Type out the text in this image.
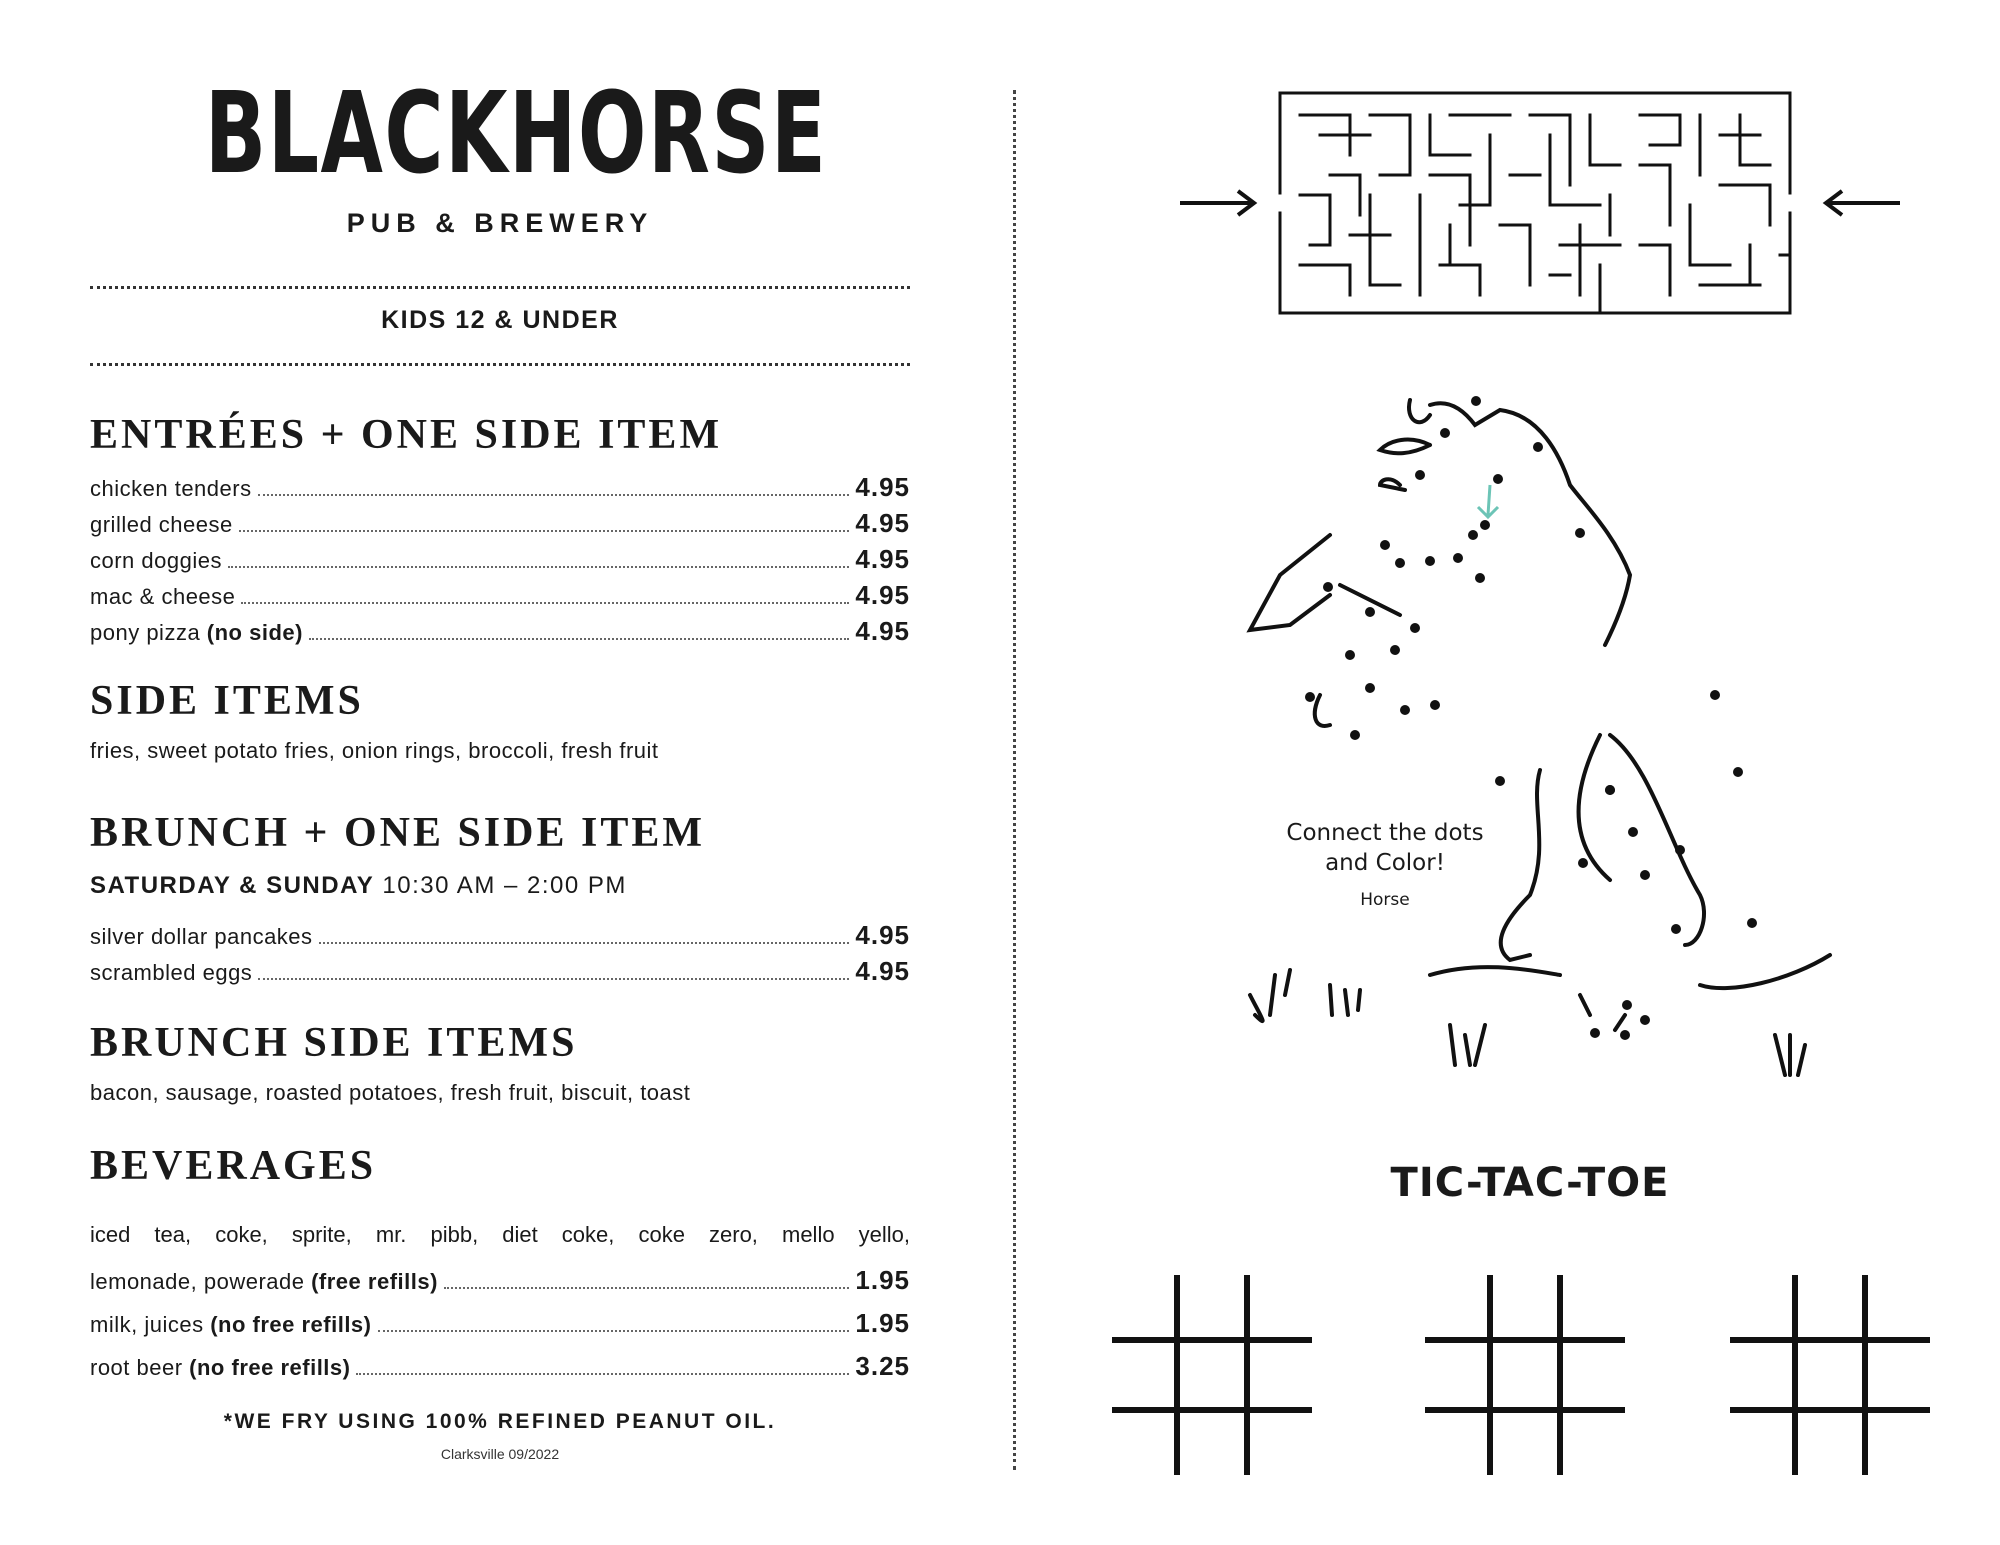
BLACKHORSE
PUB & BREWERY
KIDS 12 & UNDER
ENTRÉES + ONE SIDE ITEM
chicken tenders	4.95
grilled cheese	4.95
corn doggies	4.95
mac & cheese	4.95
pony pizza (no side)	4.95
SIDE ITEMS
fries, sweet potato fries, onion rings, broccoli, fresh fruit
BRUNCH + ONE SIDE ITEM
SATURDAY & SUNDAY 10:30 AM – 2:00 PM
silver dollar pancakes	4.95
scrambled eggs	4.95
BRUNCH SIDE ITEMS
bacon, sausage, roasted potatoes, fresh fruit, biscuit, toast
BEVERAGES
iced tea, coke, sprite, mr. pibb, diet coke, coke zero, mello yello,
lemonade, powerade (free refills)	1.95
milk, juices (no free refills)	1.95
root beer (no free refills)	3.25
*WE FRY USING 100% REFINED PEANUT OIL.
Clarksville 09/2022
Connect the dots
and Color!
Horse
TIC-TAC-TOE
